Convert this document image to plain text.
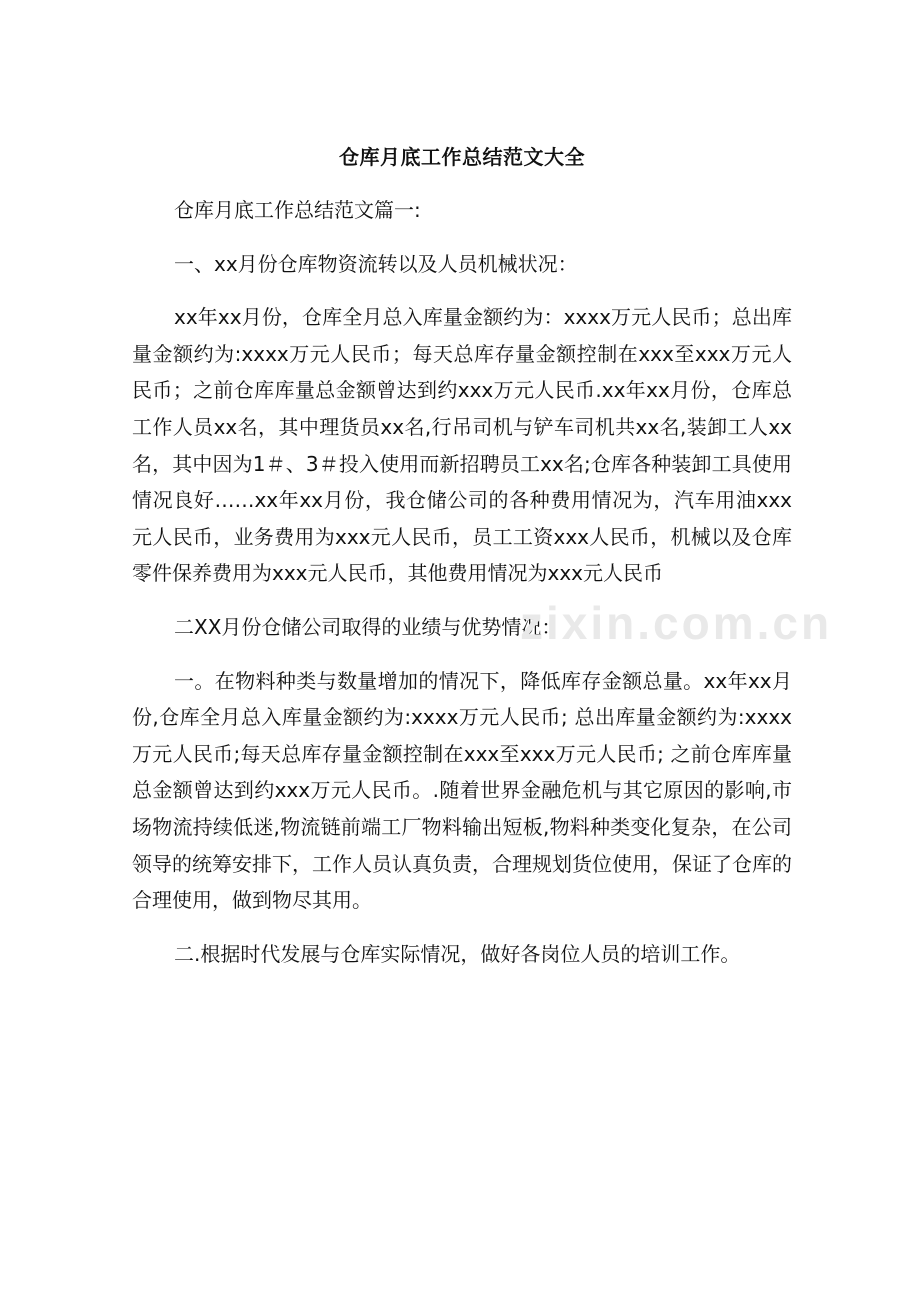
仓库月底工作总结范文大全

仓库月底工作总结范文篇一:

一、xx月份仓库物资流转以及人员机械状况：

xx年xx月份，仓库全月总入库量金额约为：xxxx万元人民币；总出库量金额约为:xxxx万元人民币；每天总库存量金额控制在xxx至xxx万元人民币；之前仓库库量总金额曾达到约xxx万元人民币.xx年xx月份，仓库总工作人员xx名，其中理货员xx名,行吊司机与铲车司机共xx名,装卸工人xx名，其中因为1＃、3＃投入使用而新招聘员工xx名;仓库各种装卸工具使用情况良好……xx年xx月份，我仓储公司的各种费用情况为，汽车用油xxx元人民币，业务费用为xxx元人民币，员工工资xxx人民币，机械以及仓库零件保养费用为xxx元人民币，其他费用情况为xxx元人民币

二XX月份仓储公司取得的业绩与优势情况：

一。在物料种类与数量增加的情况下，降低库存金额总量。xx年xx月份,仓库全月总入库量金额约为:xxxx万元人民币; 总出库量金额约为:xxxx万元人民币;每天总库存量金额控制在xxx至xxx万元人民币; 之前仓库库量总金额曾达到约xxx万元人民币。.随着世界金融危机与其它原因的影响,市场物流持续低迷,物流链前端工厂物料输出短板,物料种类变化复杂，在公司领导的统筹安排下，工作人员认真负责，合理规划货位使用，保证了仓库的合理使用，做到物尽其用。

二.根据时代发展与仓库实际情况，做好各岗位人员的培训工作。

zixin.com.cn
